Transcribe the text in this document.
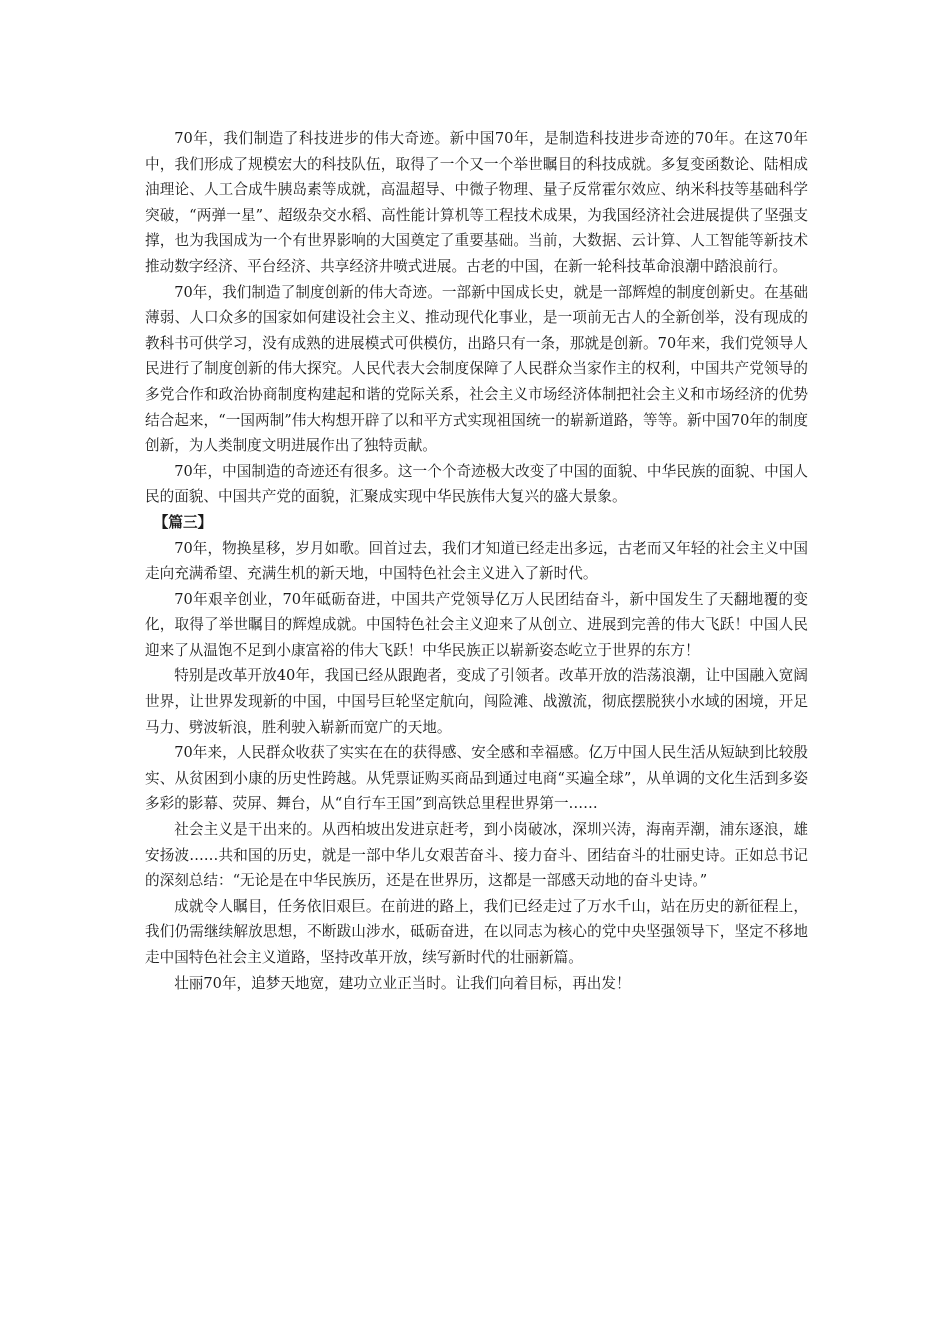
70年，我们制造了科技进步的伟大奇迹。新中国70年，是制造科技进步奇迹的70年。在这70年中，我们形成了规模宏大的科技队伍，取得了一个又一个举世瞩目的科技成就。多复变函数论、陆相成油理论、人工合成牛胰岛素等成就，高温超导、中微子物理、量子反常霍尔效应、纳米科技等基础科学突破，“两弹一星”、超级杂交水稻、高性能计算机等工程技术成果，为我国经济社会进展提供了坚强支撑，也为我国成为一个有世界影响的大国奠定了重要基础。当前，大数据、云计算、人工智能等新技术推动数字经济、平台经济、共享经济井喷式进展。古老的中国，在新一轮科技革命浪潮中踏浪前行。

70年，我们制造了制度创新的伟大奇迹。一部新中国成长史，就是一部辉煌的制度创新史。在基础薄弱、人口众多的国家如何建设社会主义、推动现代化事业，是一项前无古人的全新创举，没有现成的教科书可供学习，没有成熟的进展模式可供模仿，出路只有一条，那就是创新。70年来，我们党领导人民进行了制度创新的伟大探究。人民代表大会制度保障了人民群众当家作主的权利，中国共产党领导的多党合作和政治协商制度构建起和谐的党际关系，社会主义市场经济体制把社会主义和市场经济的优势结合起来，“一国两制”伟大构想开辟了以和平方式实现祖国统一的崭新道路，等等。新中国70年的制度创新，为人类制度文明进展作出了独特贡献。

70年，中国制造的奇迹还有很多。这一个个奇迹极大改变了中国的面貌、中华民族的面貌、中国人民的面貌、中国共产党的面貌，汇聚成实现中华民族伟大复兴的盛大景象。

【篇三】

70年，物换星移，岁月如歌。回首过去，我们才知道已经走出多远，古老而又年轻的社会主义中国走向充满希望、充满生机的新天地，中国特色社会主义进入了新时代。

70年艰辛创业，70年砥砺奋进，中国共产党领导亿万人民团结奋斗，新中国发生了天翻地覆的变化，取得了举世瞩目的辉煌成就。中国特色社会主义迎来了从创立、进展到完善的伟大飞跃！中国人民迎来了从温饱不足到小康富裕的伟大飞跃！中华民族正以崭新姿态屹立于世界的东方！

特别是改革开放40年，我国已经从跟跑者，变成了引领者。改革开放的浩荡浪潮，让中国融入宽阔世界，让世界发现新的中国，中国号巨轮坚定航向，闯险滩、战激流，彻底摆脱狭小水域的困境，开足马力、劈波斩浪，胜利驶入崭新而宽广的天地。

70年来，人民群众收获了实实在在的获得感、安全感和幸福感。亿万中国人民生活从短缺到比较殷实、从贫困到小康的历史性跨越。从凭票证购买商品到通过电商“买遍全球”，从单调的文化生活到多姿多彩的影幕、荧屏、舞台，从“自行车王国”到高铁总里程世界第一……

社会主义是干出来的。从西柏坡出发进京赶考，到小岗破冰，深圳兴涛，海南弄潮，浦东逐浪，雄安扬波……共和国的历史，就是一部中华儿女艰苦奋斗、接力奋斗、团结奋斗的壮丽史诗。正如总书记的深刻总结：“无论是在中华民族历，还是在世界历，这都是一部感天动地的奋斗史诗。”

成就令人瞩目，任务依旧艰巨。在前进的路上，我们已经走过了万水千山，站在历史的新征程上，我们仍需继续解放思想，不断跋山涉水，砥砺奋进，在以同志为核心的党中央坚强领导下，坚定不移地走中国特色社会主义道路，坚持改革开放，续写新时代的壮丽新篇。

壮丽70年，追梦天地宽，建功立业正当时。让我们向着目标，再出发！
